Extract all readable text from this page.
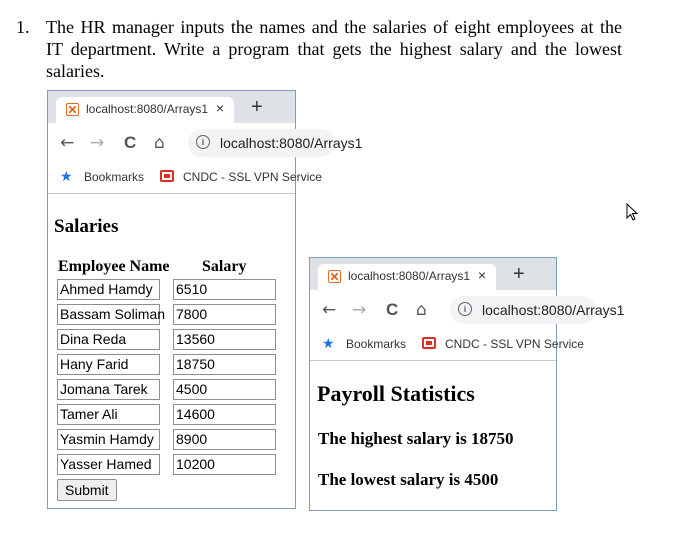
1. The HR manager inputs the names and the salaries of eight employees at the
IT department. Write a program that gets the highest salary and the lowest
salaries.
localhost:8080/Arrays1 × +
← → C ⌂	i	localhost:8080/Arrays1
★ Bookmarks	CNDC - SSL VPN Service
Salaries
Employee Name Salary
Ahmed Hamdy	6510
Bassam Soliman 7800
Dina Reda	13560
Hany Farid	18750
Jomana Tarek	4500
Tamer Ali	14600
Yasmin Hamdy	8900
Yasser Hamed	10200
Submit
localhost:8080/Arrays1 × +
← → C ⌂	i	localhost:8080/Arrays1
★ Bookmarks	CNDC - SSL VPN Service
Payroll Statistics
The highest salary is 18750
The lowest salary is 4500
